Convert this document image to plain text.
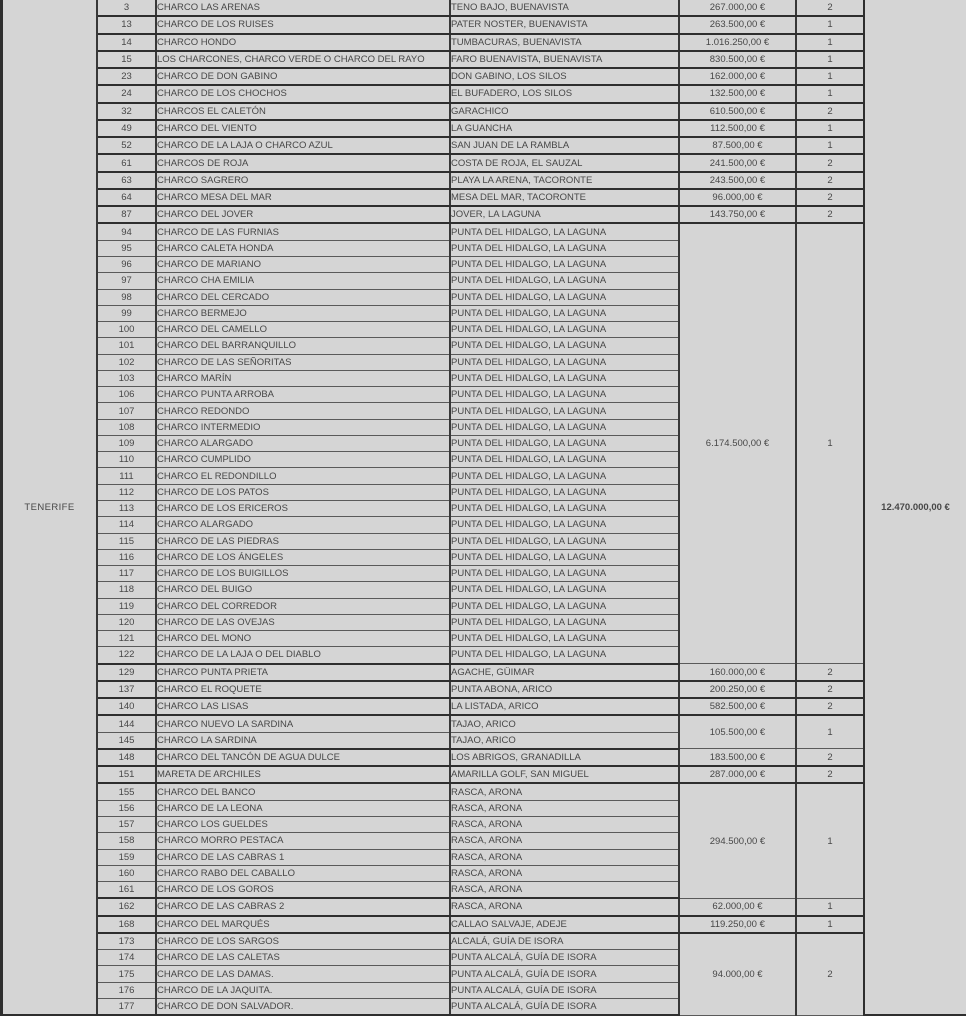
TENERIFE	3	CHARCO LAS ARENAS	TENO BAJO, BUENAVISTA	267.000,00 €	2	12.470.000,00 €
	13	CHARCO DE LOS RUISES	PATER NOSTER, BUENAVISTA	263.500,00 €	1	
	14	CHARCO HONDO	TUMBACURAS, BUENAVISTA	1.016.250,00 €	1	
	15	LOS CHARCONES, CHARCO VERDE O CHARCO DEL RAYO	FARO BUENAVISTA, BUENAVISTA	830.500,00 €	1	
	23	CHARCO DE DON GABINO	DON GABINO, LOS SILOS	162.000,00 €	1	
	24	CHARCO DE LOS CHOCHOS	EL BUFADERO, LOS SILOS	132.500,00 €	1	
	32	CHARCOS EL CALETÓN	GARACHICO	610.500,00 €	2	
	49	CHARCO DEL VIENTO	LA GUANCHA	112.500,00 €	1	
	52	CHARCO DE LA LAJA O CHARCO AZUL	SAN JUAN DE LA RAMBLA	87.500,00 €	1	
	61	CHARCOS DE ROJA	COSTA DE ROJA, EL SAUZAL	241.500,00 €	2	
	63	CHARCO SAGRERO	PLAYA LA ARENA, TACORONTE	243.500,00 €	2	
	64	CHARCO MESA DEL MAR	MESA DEL MAR, TACORONTE	96.000,00 €	2	
	87	CHARCO DEL JOVER	JOVER, LA LAGUNA	143.750,00 €	2	
	94	CHARCO DE LAS FURNIAS	PUNTA DEL HIDALGO, LA LAGUNA	6.174.500,00 €	1	
	95	CHARCO CALETA HONDA	PUNTA DEL HIDALGO, LA LAGUNA			
	96	CHARCO DE MARIANO	PUNTA DEL HIDALGO, LA LAGUNA			
	97	CHARCO CHA EMILIA	PUNTA DEL HIDALGO, LA LAGUNA			
	98	CHARCO DEL CERCADO	PUNTA DEL HIDALGO, LA LAGUNA			
	99	CHARCO BERMEJO	PUNTA DEL HIDALGO, LA LAGUNA			
	100	CHARCO DEL CAMELLO	PUNTA DEL HIDALGO, LA LAGUNA			
	101	CHARCO DEL BARRANQUILLO	PUNTA DEL HIDALGO, LA LAGUNA			
	102	CHARCO DE LAS SEÑORITAS	PUNTA DEL HIDALGO, LA LAGUNA			
	103	CHARCO MARÍN	PUNTA DEL HIDALGO, LA LAGUNA			
	106	CHARCO PUNTA ARROBA	PUNTA DEL HIDALGO, LA LAGUNA			
	107	CHARCO REDONDO	PUNTA DEL HIDALGO, LA LAGUNA			
	108	CHARCO INTERMEDIO	PUNTA DEL HIDALGO, LA LAGUNA			
	109	CHARCO ALARGADO	PUNTA DEL HIDALGO, LA LAGUNA			
	110	CHARCO CUMPLIDO	PUNTA DEL HIDALGO, LA LAGUNA			
	111	CHARCO EL REDONDILLO	PUNTA DEL HIDALGO, LA LAGUNA			
	112	CHARCO DE LOS PATOS	PUNTA DEL HIDALGO, LA LAGUNA			
	113	CHARCO DE LOS ERICEROS	PUNTA DEL HIDALGO, LA LAGUNA			
	114	CHARCO ALARGADO	PUNTA DEL HIDALGO, LA LAGUNA			
	115	CHARCO DE LAS PIEDRAS	PUNTA DEL HIDALGO, LA LAGUNA			
	116	CHARCO DE LOS ÁNGELES	PUNTA DEL HIDALGO, LA LAGUNA			
	117	CHARCO DE LOS BUIGILLOS	PUNTA DEL HIDALGO, LA LAGUNA			
	118	CHARCO DEL BUIGO	PUNTA DEL HIDALGO, LA LAGUNA			
	119	CHARCO DEL CORREDOR	PUNTA DEL HIDALGO, LA LAGUNA			
	120	CHARCO DE LAS OVEJAS	PUNTA DEL HIDALGO, LA LAGUNA			
	121	CHARCO DEL MONO	PUNTA DEL HIDALGO, LA LAGUNA			
	122	CHARCO DE LA LAJA O DEL DIABLO	PUNTA DEL HIDALGO, LA LAGUNA			
	129	CHARCO PUNTA PRIETA	AGACHE, GÜIMAR	160.000,00 €	2	
	137	CHARCO EL ROQUETE	PUNTA ABONA, ARICO	200.250,00 €	2	
	140	CHARCO LAS LISAS	LA LISTADA, ARICO	582.500,00 €	2	
	144	CHARCO NUEVO LA SARDINA	TAJAO, ARICO	105.500,00 €	1	
	145	CHARCO LA SARDINA	TAJAO, ARICO			
	148	CHARCO DEL TANCÓN DE AGUA DULCE	LOS ABRIGOS, GRANADILLA	183.500,00 €	2	
	151	MARETA DE ARCHILES	AMARILLA GOLF, SAN MIGUEL	287.000,00 €	2	
	155	CHARCO DEL BANCO	RASCA, ARONA	294.500,00 €	1	
	156	CHARCO DE LA LEONA	RASCA, ARONA			
	157	CHARCO LOS GUELDES	RASCA, ARONA			
	158	CHARCO MORRO PESTACA	RASCA, ARONA			
	159	CHARCO DE LAS CABRAS 1	RASCA, ARONA			
	160	CHARCO RABO DEL CABALLO	RASCA, ARONA			
	161	CHARCO DE LOS GOROS	RASCA, ARONA			
	162	CHARCO DE LAS CABRAS 2	RASCA, ARONA	62.000,00 €	1	
	168	CHARCO DEL MARQUÉS	CALLAO SALVAJE, ADEJE	119.250,00 €	1	
	173	CHARCO DE LOS SARGOS	ALCALÁ, GUÍA DE ISORA	94.000,00 €	2	
	174	CHARCO DE LAS CALETAS	PUNTA ALCALÁ, GUÍA DE ISORA			
	175	CHARCO DE LAS DAMAS.	PUNTA ALCALÁ, GUÍA DE ISORA			
	176	CHARCO DE LA JAQUITA.	PUNTA ALCALÁ, GUÍA DE ISORA			
	177	CHARCO DE DON SALVADOR.	PUNTA ALCALÁ, GUÍA DE ISORA			
